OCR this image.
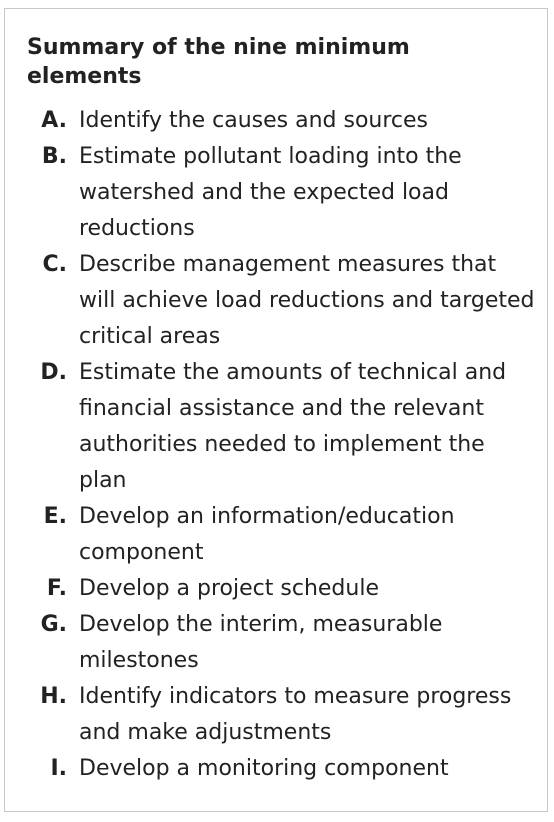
Summary of the nine minimum elements
A. Identify the causes and sources
B. Estimate pollutant loading into the watershed and the expected load reductions
C. Describe management measures that will achieve load reductions and targeted critical areas
D. Estimate the amounts of technical and financial assistance and the relevant authorities needed to implement the plan
E. Develop an information/education component
F. Develop a project schedule
G. Develop the interim, measurable milestones
H. Identify indicators to measure progress and make adjustments
I. Develop a monitoring component
